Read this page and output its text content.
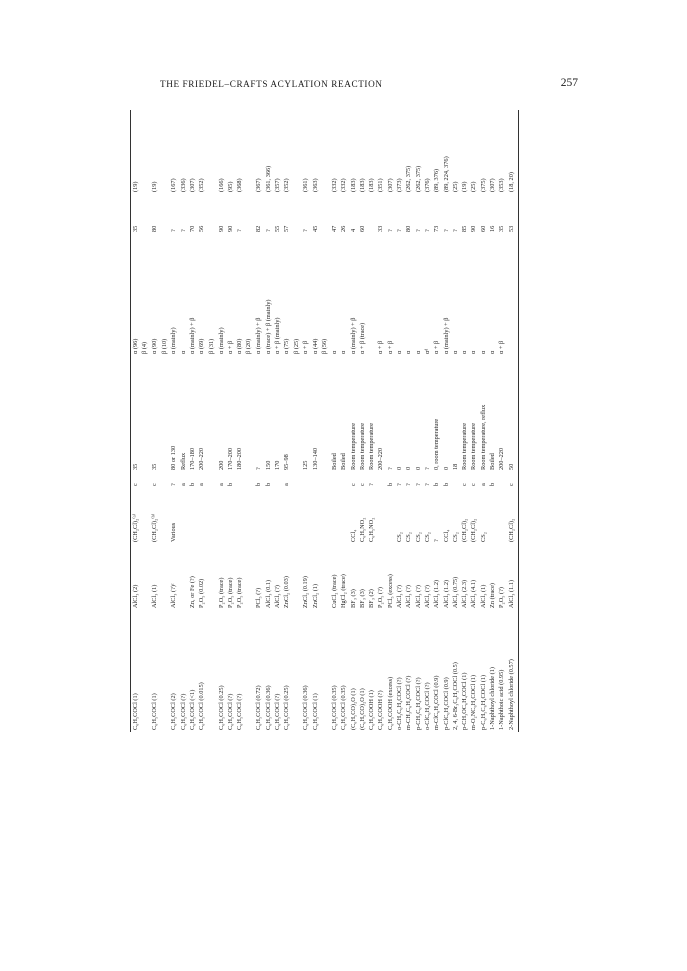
THE FRIEDEL–CRAFTS ACYLATION REACTION	257
C₆H₅COCl (1)
AlCl₃ (2)
(CH₂Cl)₂⁽ᵃ⁾
c
35
α (96)
35
(19)
β (4)
C₆H₅COCl (1)
AlCl₃ (1)
(CH₂Cl)₂⁽ᵇ⁾
c
35
α (90)
80
(19)
β (10)
C₆H₅COCl (2)
AlCl₃ (?)ᶜ
Various
?
80 or 130
α (mainly)
?
(167)
C₆H₅COCl (?)
a
Reflux
α
?
(336)
C₆H₅COCl (<1)
Zn, or Fe (?)
b
170–180
α (mainly) + β
70
(307)
C₆H₅COCl (0.015)
P₂O₅ (0.02)
a
200–220
α (69)
56
(352)
β (31)
C₆H₅COCl (0.25)
P₂O₅ (trace)
a
200
α (mainly)
90
(166)
C₆H₅COCl (?)
P₂O₅ (trace)
b
170–200
α + β
90
(95)
C₆H₅COCl (?)
P₂O₅ (trace)
180–200
α (80)
?
(368)
β (20)
C₆H₅COCl (0.72)
PCl₅ (?)
b
?
α (mainly) + β
82
(367)
C₆H₅COCl (0.36)
AlCl₃ (0.1)
b
150
α (trace) + β (mainly)
?
(361, 366)
C₆H₅COCl (?)
AlCl₃ (?)
170
α + β (mainly)
55
(357)
C₆H₅COCl (0.25)
ZnCl₂ (0.03)
a
95–98
α (75)
57
(352)
β (25)
C₆H₅COCl (0.36)
ZnCl₂ (0.19)
125
α + β
?
(361)
C₆H₅COCl (1)
ZnCl₂ (1)
130–140
α (44)
45
(363)
β (56)
C₆H₅COCl (0.35)
CuCl₂ (trace)
Boiled
α
47
(332)
C₆H₅COCl (0.35)
HgCl₂ (trace)
Boiled
α
26
(332)
(C₆H₅CO)₂O (1)
BF₃ (3)
CCl₄
c
Room temperature
α (mainly) + β
4
(183)
(C₆H₅CO)₂O (1)
BF₃ (3)
C₆H₅NO₂
c
Room temperature
α + β (trace)
60
(183)
C₆H₅COOH (1)
BF₃ (2)
C₆H₅NO₂
?
Room temperature
(183)
C₆H₅COOH (?)
P₂O₅ (?)
200–220
α + β
33
(351)
C₆H₅COOH (excess)
PCl₅ (excess)
b
?
α + β
?
(307)
o-CH₃C₆H₄COCl (?)
AlCl₃ (?)
CS₂
?
0
α
?
(373)
m-CH₃C₆H₄COCl (?)
AlCl₃ (?)
CS₂
?
0
α
80
(262, 375)
p-CH₃C₆H₄COCl (?)
AlCl₃ (?)
CS₂
?
0
α
?
(262, 375)
o-ClC₆H₄COCl (?)
AlCl₃ (?)
CS₂
?
?
αᵈ
?
(376)
m-ClC₆H₄COCl (0.9)
AlCl₃ (1.2)
?
b
0, room temperature
α + β
73
(89, 376)
p-ClC₆H₄COCl (0.9)
AlCl₃ (1.2)
CCl₄
b
0
α (mainly) + β
?
(89, 224, 376)
2, 4, 6-Br₃C₆H₂COCl (0.5)
AlCl₃ (0.75)
CS₂
18
α
?
(25)
p-CH₃OC₆H₄COCl (1)
AlCl₃ (2.3)
(CH₂Cl)₂
c
Room temperature
α
85
(19)
m-O₂NC₆H₄COCl (1)
AlCl₃ (4.1)
(CH₂Cl)₂
c
Room temperature
α
90
(25)
p-C₆H₅C₆H₄COCl (1)
AlCl₃ (1)
CS₂
a
Room temperature, reflux
α
60
(375)
1-Naphthoyl chloride (1)
Zn (trace)
b
Boiled
α
16
(307)
1-Naphthoic acid (0.95)
P₂O₅ (?)
200–220
α + β
35
(353)
2-Naphthoyl chloride (0.57)
AlCl₃ (1.1)
(CH₂Cl)₂
c
50
53
(18, 20)
